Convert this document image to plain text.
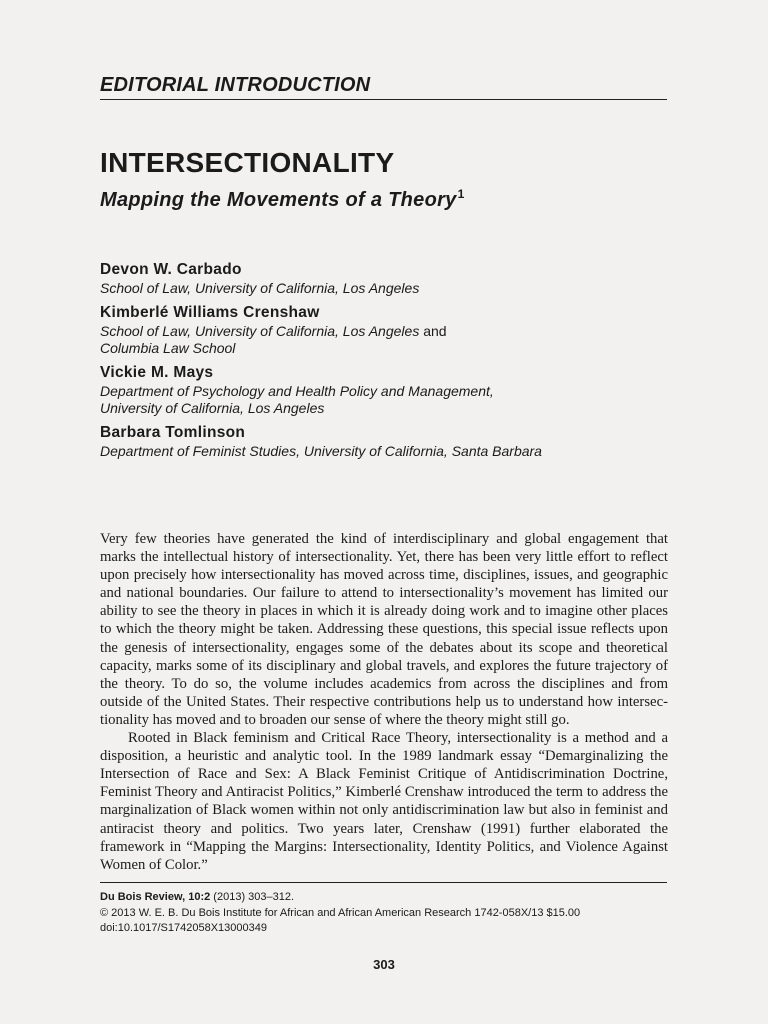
EDITORIAL INTRODUCTION
INTERSECTIONALITY
Mapping the Movements of a Theory$^1$
Devon W. Carbado
School of Law, University of California, Los Angeles
Kimberlé Williams Crenshaw
School of Law, University of California, Los Angeles and
Columbia Law School
Vickie M. Mays
Department of Psychology and Health Policy and Management,
University of California, Los Angeles
Barbara Tomlinson
Department of Feminist Studies, University of California, Santa Barbara

Very few theories have generated the kind of interdisciplinary and global engagement that marks the intellectual history of intersectionality. Yet, there has been very little effort to reflect upon precisely how intersectionality has moved across time, disciplines, issues, and geographic and national boundaries. Our failure to attend to intersectionality’s movement has limited our ability to see the theory in places in which it is already doing work and to imagine other places to which the theory might be taken. Addressing these questions, this special issue reflects upon the genesis of intersectionality, engages some of the debates about its scope and theoretical capacity, marks some of its disciplinary and global travels, and explores the future trajectory of the theory. To do so, the volume includes academics from across the disciplines and from outside of the United States. Their respective contributions help us to understand how intersectionality has moved and to broaden our sense of where the theory might still go.

Rooted in Black feminism and Critical Race Theory, intersectionality is a method and a disposition, a heuristic and analytic tool. In the 1989 landmark essay “Demarginalizing the Intersection of Race and Sex: A Black Feminist Critique of Antidiscrimination Doctrine, Feminist Theory and Antiracist Politics,” Kimberlé Crenshaw introduced the term to address the marginalization of Black women within not only antidiscrimination law but also in feminist and antiracist theory and politics. Two years later, Crenshaw (1991) further elaborated the framework in “Mapping the Margins: Intersectionality, Identity Politics, and Violence Against Women of Color.”

Du Bois Review, 10:2 (2013) 303–312.
© 2013 W. E. B. Du Bois Institute for African and African American Research 1742-058X/13 $15.00
doi:10.1017/S1742058X13000349
303
